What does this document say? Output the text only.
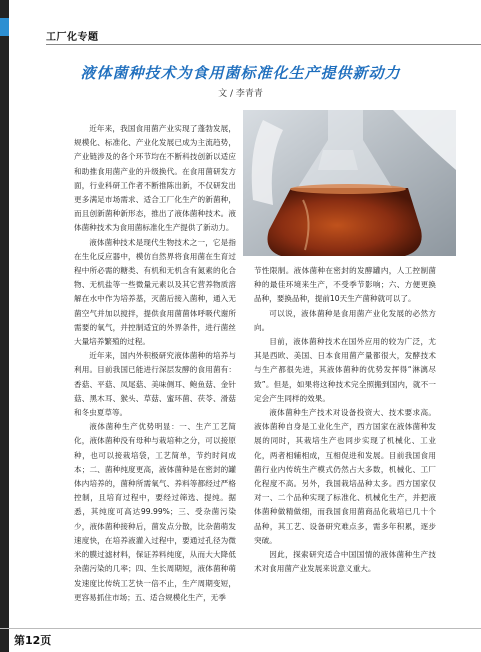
工厂化专题
液体菌种技术为食用菌标准化生产提供新动力
文 / 李青青

近年来，我国食用菌产业实现了蓬勃发展，规模化、标准化、产业化发展已成为主流趋势，产业链涉及的各个环节均在不断科技创新以适应和助推食用菌产业的升级换代。在食用菌研发方面，行业科研工作者不断推陈出新，不仅研发出更多满足市场需求、适合工厂化生产的新菌种，而且创新菌种新形态，推出了液体菌种技术。液体菌种技术为食用菌标准化生产提供了新动力。

液体菌种技术是现代生物技术之一，它是指在生化反应器中，模仿自然界将食用菌在生育过程中所必需的糖类、有机和无机含有氮素的化合物、无机盐等一些微量元素以及其它营养物质溶解在水中作为培养基，灭菌后接入菌种，通入无菌空气并加以搅拌，提供食用菌菌体呼吸代谢所需要的氧气，并控制适宜的外界条件，进行菌丝大量培养繁殖的过程。

近年来，国内外积极研究液体菌种的培养与利用。目前我国已能进行深层发酵的食用菌有：香菇、平菇、凤尾菇、美味侧耳、鲍鱼菇、金针菇、黑木耳、猴头、草菇、蜜环菌、茯苓、滑菇和冬虫夏草等。

液体菌种生产优势明显：一、生产工艺简化，液体菌种没有母种与栽培种之分，可以接原种，也可以接栽培袋，工艺简单，节约时间成本；二、菌种纯度更高，液体菌种是在密封的罐体内培养的，菌种所需氧气、养料等都经过严格控制，且培育过程中，要经过筛选、提纯。据悉，其纯度可高达99.99%；三、受杂菌污染少，液体菌种接种后，菌发点分散，比杂菌萌发速度快，在培养液灌入过程中，要通过孔径为微米的膜过滤材料，保证养料纯度，从而大大降低杂菌污染的几率；四、生长周期短，液体菌种萌发速度比传统工艺快一倍不止，生产周期变短，更容易抓住市场；五、适合规模化生产，无季

节性限制。液体菌种在密封的发酵罐内，人工控制菌种的最佳环境来生产，不受季节影响；六、方便更换品种，要换品种，提前10天生产菌种就可以了。

可以说，液体菌种是食用菌产业化发展的必然方向。

目前，液体菌种技术在国外应用的较为广泛，尤其是西欧、美国、日本食用菌产量都很大，发酵技术与生产都很先进，其液体菌种的优势发挥得“淋漓尽致”。但是，如果将这种技术完全照搬到国内，就不一定会产生同样的效果。

液体菌种生产技术对设备投资大、技术要求高。液体菌种自身是工业化生产，西方国家在液体菌种发展的同时，其栽培生产也同步实现了机械化、工业化，两者相辅相成，互相促进和发展。目前我国食用菌行业内传统生产模式仍然占大多数，机械化、工厂化程度不高。另外，我国栽培品种太多。西方国家仅对一、二个品种实现了标准化、机械化生产，并把液体菌种做精做细，而我国食用菌商品化栽培已几十个品种，其工艺、设备研究难点多，需多年积累，逐步突破。

因此，探索研究适合中国国情的液体菌种生产技术对食用菌产业发展来说意义重大。

第12页
